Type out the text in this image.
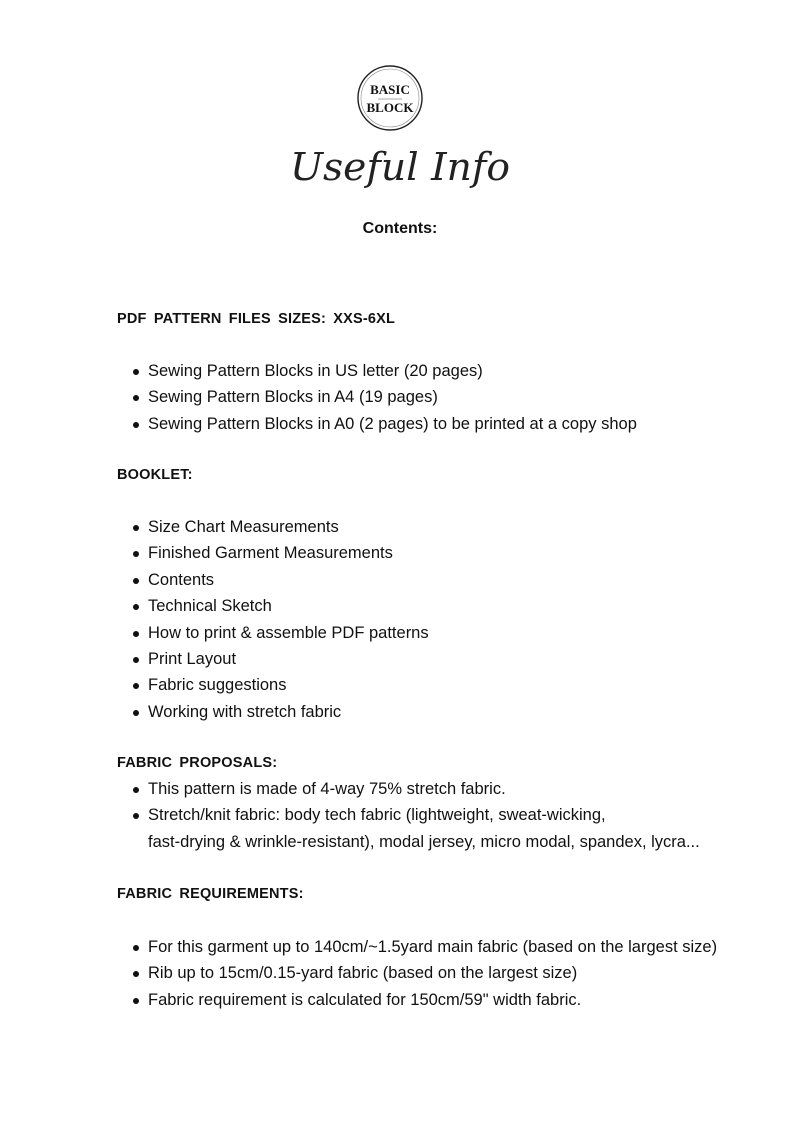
BASIC
BLOCK
Useful Info
Contents:
PDF PATTERN FILES SIZES: XXS-6XL
Sewing Pattern Blocks in US letter (20 pages)
Sewing Pattern Blocks in A4 (19 pages)
Sewing Pattern Blocks in A0 (2 pages) to be printed at a copy shop
BOOKLET:
Size Chart Measurements
Finished Garment Measurements
Contents
Technical Sketch
How to print & assemble PDF patterns
Print Layout
Fabric suggestions
Working with stretch fabric
FABRIC PROPOSALS:
This pattern is made of 4-way 75% stretch fabric.
Stretch/knit fabric: body tech fabric (lightweight, sweat-wicking,
fast-drying & wrinkle-resistant), modal jersey, micro modal, spandex, lycra...
FABRIC REQUIREMENTS:
For this garment up to 140cm/~1.5yard main fabric (based on the largest size)
Rib up to 15cm/0.15-yard fabric (based on the largest size)
Fabric requirement is calculated for 150cm/59" width fabric.
